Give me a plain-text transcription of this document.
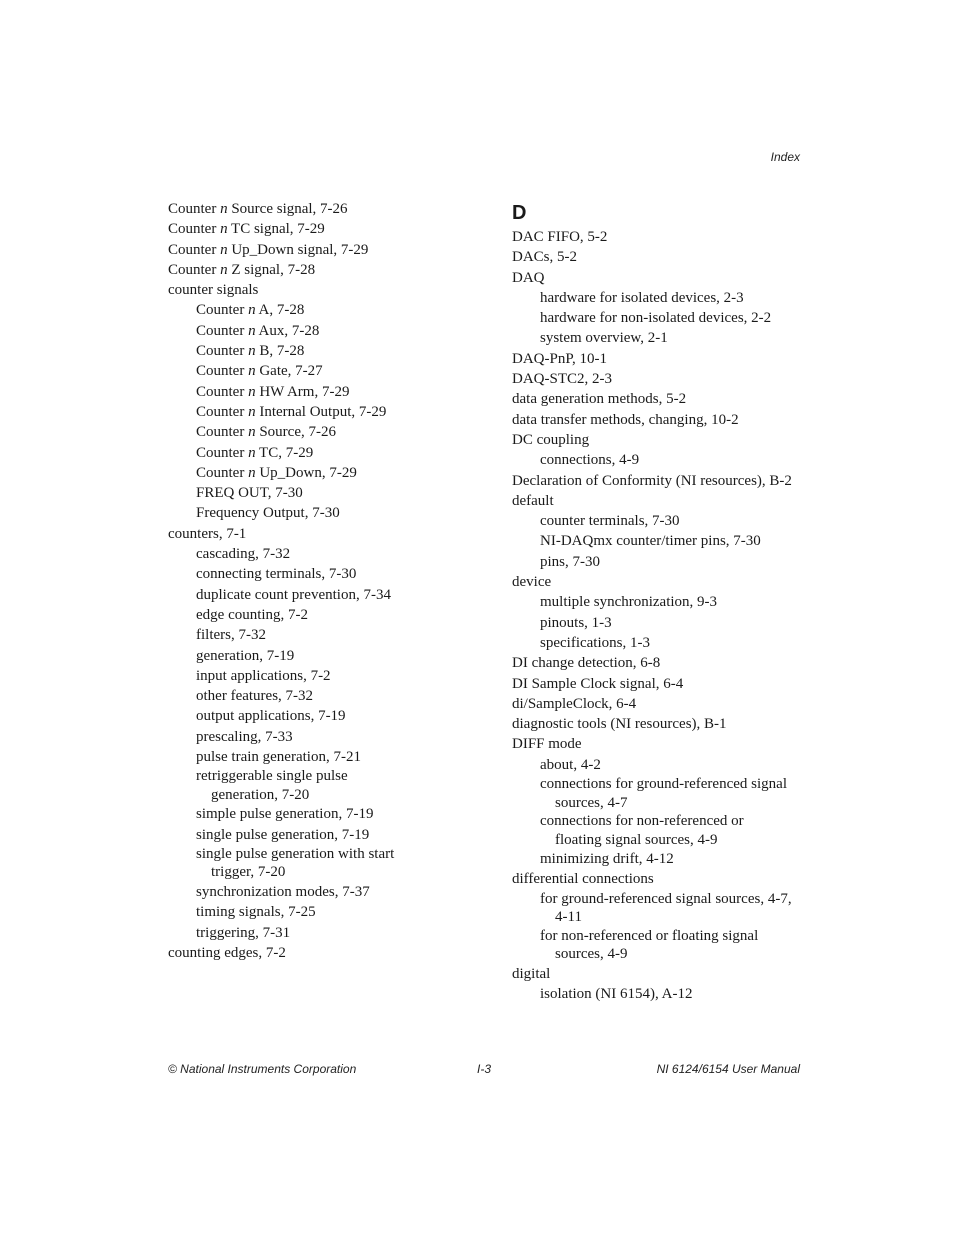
Index
Counter n Source signal, 7-26
Counter n TC signal, 7-29
Counter n Up_Down signal, 7-29
Counter n Z signal, 7-28
counter signals
Counter n A, 7-28
Counter n Aux, 7-28
Counter n B, 7-28
Counter n Gate, 7-27
Counter n HW Arm, 7-29
Counter n Internal Output, 7-29
Counter n Source, 7-26
Counter n TC, 7-29
Counter n Up_Down, 7-29
FREQ OUT, 7-30
Frequency Output, 7-30
counters, 7-1
cascading, 7-32
connecting terminals, 7-30
duplicate count prevention, 7-34
edge counting, 7-2
filters, 7-32
generation, 7-19
input applications, 7-2
other features, 7-32
output applications, 7-19
prescaling, 7-33
pulse train generation, 7-21
retriggerable single pulse
generation, 7-20
simple pulse generation, 7-19
single pulse generation, 7-19
single pulse generation with start
trigger, 7-20
synchronization modes, 7-37
timing signals, 7-25
triggering, 7-31
counting edges, 7-2
D
DAC FIFO, 5-2
DACs, 5-2
DAQ
hardware for isolated devices, 2-3
hardware for non-isolated devices, 2-2
system overview, 2-1
DAQ-PnP, 10-1
DAQ-STC2, 2-3
data generation methods, 5-2
data transfer methods, changing, 10-2
DC coupling
connections, 4-9
Declaration of Conformity (NI resources), B-2
default
counter terminals, 7-30
NI-DAQmx counter/timer pins, 7-30
pins, 7-30
device
multiple synchronization, 9-3
pinouts, 1-3
specifications, 1-3
DI change detection, 6-8
DI Sample Clock signal, 6-4
di/SampleClock, 6-4
diagnostic tools (NI resources), B-1
DIFF mode
about, 4-2
connections for ground-referenced signal
sources, 4-7
connections for non-referenced or
floating signal sources, 4-9
minimizing drift, 4-12
differential connections
for ground-referenced signal sources, 4-7,
4-11
for non-referenced or floating signal
sources, 4-9
digital
isolation (NI 6154), A-12
© National Instruments Corporation	I-3	NI 6124/6154 User Manual
